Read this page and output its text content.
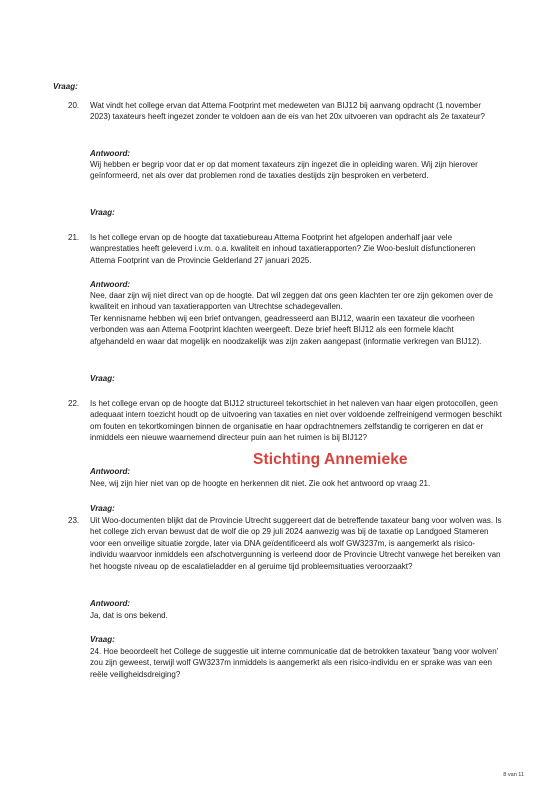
Vraag:

20. Wat vindt het college ervan dat Attema Footprint met medeweten van BIJ12 bij aanvang opdracht (1 november 2023) taxateurs heeft ingezet zonder te voldoen aan de eis van het 20x uitvoeren van opdracht als 2e taxateur?

Antwoord:

Wij hebben er begrip voor dat er op dat moment taxateurs zijn ingezet die in opleiding waren. Wij zijn hierover geïnformeerd, net als over dat problemen rond de taxaties destijds zijn besproken en verbeterd.

Vraag:

21. Is het college ervan op de hoogte dat taxatiebureau Attema Footprint het afgelopen anderhalf jaar vele wanprestaties heeft geleverd i.v.m. o.a. kwaliteit en inhoud taxatierapporten? Zie Woo-besluit disfunctioneren Attema Footprint van de Provincie Gelderland 27 januari 2025.

Antwoord:

Nee, daar zijn wij niet direct van op de hoogte. Dat wil zeggen dat ons geen klachten ter ore zijn gekomen over de kwaliteit en inhoud van taxatierapporten van Utrechtse schadegevallen.

Ter kennisname hebben wij een brief ontvangen, geadresseerd aan BIJ12, waarin een taxateur die voorheen verbonden was aan Attema Footprint klachten weergeeft. Deze brief heeft BIJ12 als een formele klacht afgehandeld en waar dat mogelijk en noodzakelijk was zijn zaken aangepast (informatie verkregen van BIJ12).

Vraag:

22. Is het college ervan op de hoogte dat BIJ12 structureel tekortschiet in het naleven van haar eigen protocollen, geen adequaat intern toezicht houdt op de uitvoering van taxaties en niet over voldoende zelfreinigend vermogen beschikt om fouten en tekortkomingen binnen de organisatie en haar opdrachtnemers zelfstandig te corrigeren en dat er inmiddels een nieuwe waarnemend directeur puin aan het ruimen is bij BIJ12?

Stichting Annemieke

Antwoord:

Nee, wij zijn hier niet van op de hoogte en herkennen dit niet. Zie ook het antwoord op vraag 21.

Vraag:

23. Uit Woo-documenten blijkt dat de Provincie Utrecht suggereert dat de betreffende taxateur bang voor wolven was. Is het college zich ervan bewust dat de wolf die op 29 juli 2024 aanwezig was bij de taxatie op Landgoed Stameren voor een onveilige situatie zorgde, later via DNA geïdentificeerd als wolf GW3237m, is aangemerkt als risico-individu waarvoor inmiddels een afschotvergunning is verleend door de Provincie Utrecht vanwege het bereiken van het hoogste niveau op de escalatieladder en al geruime tijd probleemsituaties veroorzaakt?

Antwoord:

Ja, dat is ons bekend.

Vraag:

24. Hoe beoordeelt het College de suggestie uit interne communicatie dat de betrokken taxateur 'bang voor wolven' zou zijn geweest, terwijl wolf GW3237m inmiddels is aangemerkt als een risico-individu en er sprake was van een reële veiligheidsdreiging?

8 van 11
